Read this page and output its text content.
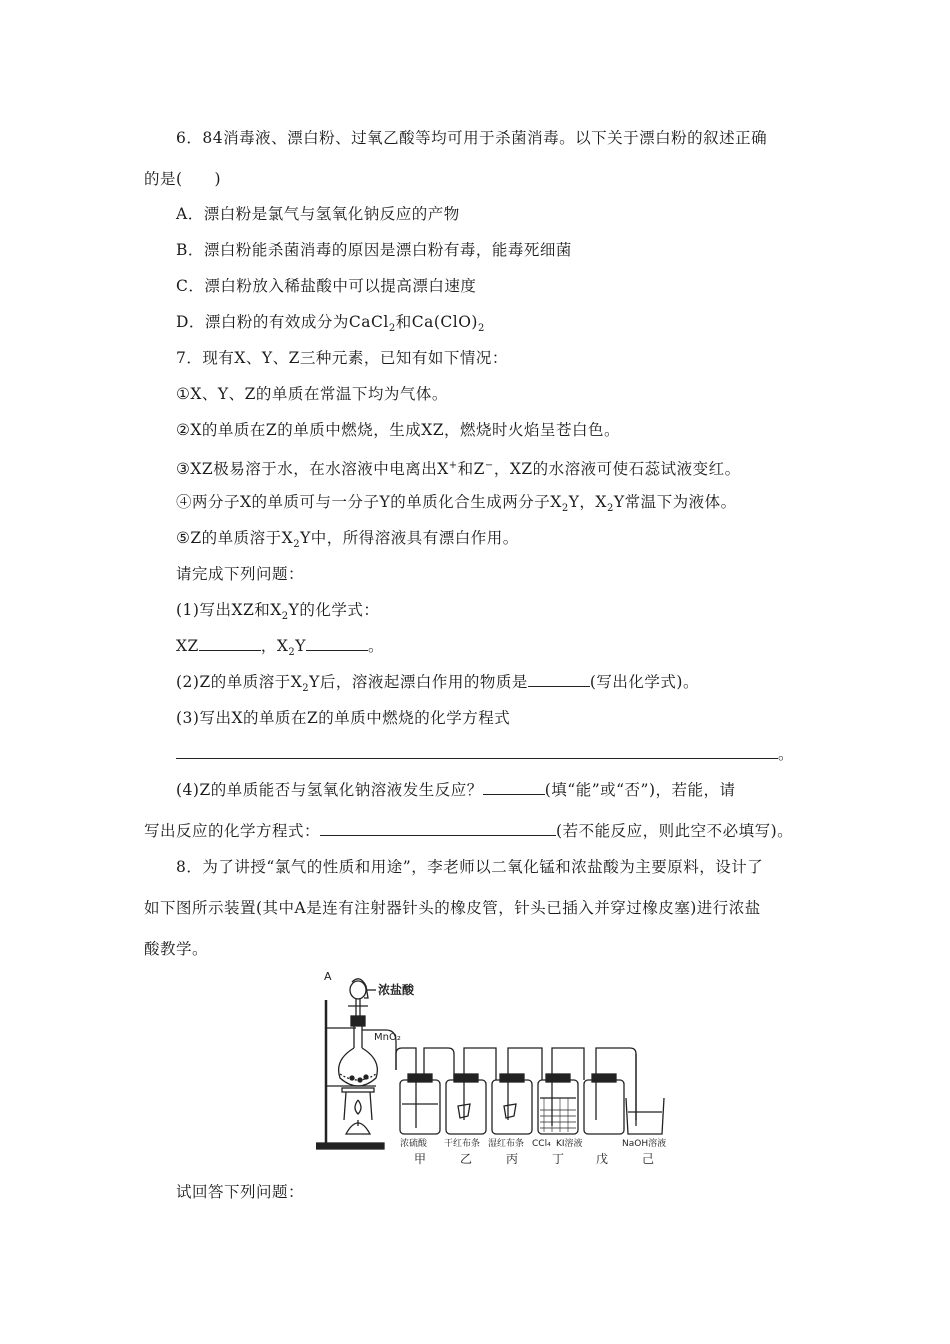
6．84消毒液、漂白粉、过氧乙酸等均可用于杀菌消毒。以下关于漂白粉的叙述正确
的是(　　)
A．漂白粉是氯气与氢氧化钠反应的产物
B．漂白粉能杀菌消毒的原因是漂白粉有毒，能毒死细菌
C．漂白粉放入稀盐酸中可以提高漂白速度
D．漂白粉的有效成分为CaCl$_2$和$Ca(ClO)_2$
7．现有X、Y、Z三种元素，已知有如下情况：
①X、Y、Z的单质在常温下均为气体。
②X的单质在Z的单质中燃烧，生成XZ，燃烧时火焰呈苍白色。
③XZ极易溶于水，在水溶液中电离出X+和Z−，XZ的水溶液可使石蕊试液变红。
④两分子X的单质可与一分子Y的单质化合生成两分子$X_2Y$，$X_2Y$常温下为液体。
⑤Z的单质溶于$X_2Y$中，所得溶液具有漂白作用。
请完成下列问题：
(1)写出XZ和$X_2Y$的化学式：
XZ	，$X_2Y$	。
(2)Z的单质溶于$X_2Y$后，溶液起漂白作用的物质是	(写出化学式)。
(3)写出X的单质在Z的单质中燃烧的化学方程式
。
(4)Z的单质能否与氢氧化钠溶液发生反应？	(填“能”或“否”)，若能，请
写出反应的化学方程式：	(若不能反应，则此空不必填写)。
8．为了讲授“氯气的性质和用途”，李老师以二氧化锰和浓盐酸为主要原料，设计了
如下图所示装置(其中A是连有注射器针头的橡皮管，针头已插入并穿过橡皮塞)进行浓盐
酸教学。
A
浓盐酸
MnO₂
浓硫酸 干红布条 湿红布条 CCl₄ KI溶液	NaOH溶液
甲	乙	丙	丁	戊	己
试回答下列问题：
